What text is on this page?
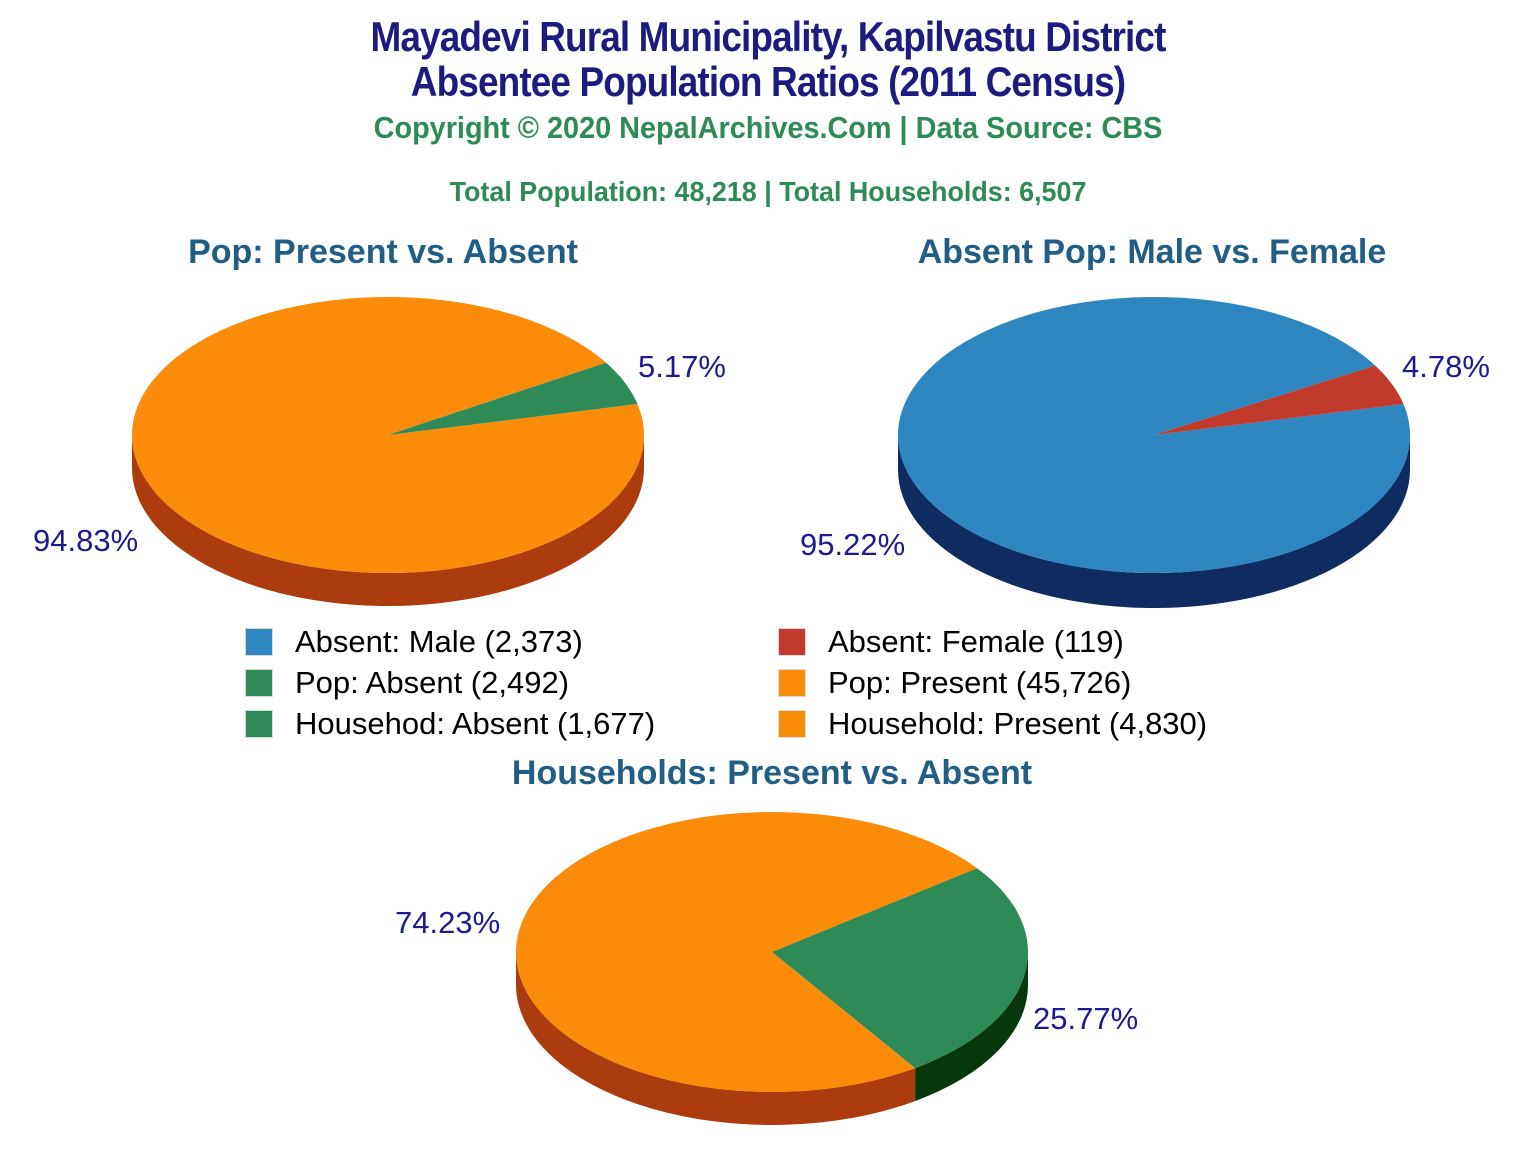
Mayadevi Rural Municipality, Kapilvastu District
Absentee Population Ratios (2011 Census)
Copyright © 2020 NepalArchives.Com | Data Source: CBS
Total Population: 48,218 | Total Households: 6,507
Pop: Present vs. Absent	Absent Pop: Male vs. Female
Households: Present vs. Absent
94.83%
5.17%
95.22%
4.78%
74.23%
25.77%
Absent: Male (2,373)
Pop: Absent (2,492)
Househod: Absent (1,677)
Absent: Female (119)
Pop: Present (45,726)
Household: Present (4,830)
